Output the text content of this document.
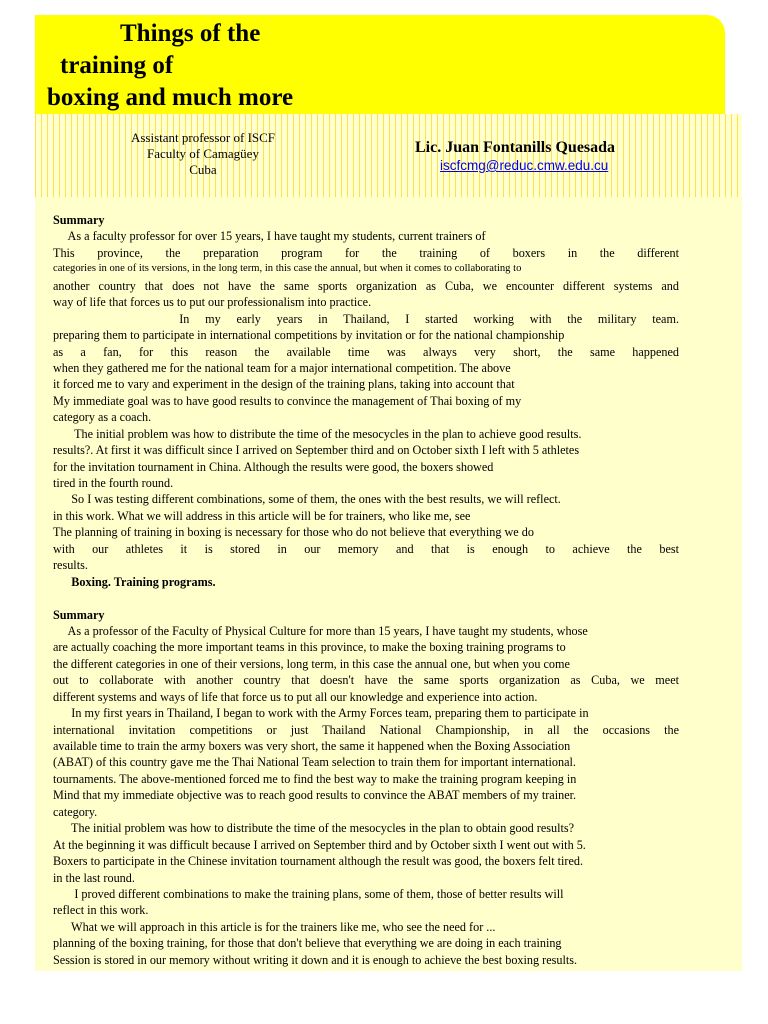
Things of the
training of
boxing and much more
Assistant professor of ISCF
Faculty of Camagüey
Cuba
Lic. Juan Fontanills Quesada
iscfcmg@reduc.cmw.edu.cu
Summary
As a faculty professor for over 15 years, I have taught my students, current trainers of
This province, the preparation program for the training of boxers in the different
categories in one of its versions, in the long term, in this case the annual, but when it comes to collaborating to
another country that does not have the same sports organization as Cuba, we encounter different systems and
way of life that forces us to put our professionalism into practice.
In my early years in Thailand, I started working with the military team.
preparing them to participate in international competitions by invitation or for the national championship
as a fan, for this reason the available time was always very short, the same happened
when they gathered me for the national team for a major international competition. The above
it forced me to vary and experiment in the design of the training plans, taking into account that
My immediate goal was to have good results to convince the management of Thai boxing of my
category as a coach.
The initial problem was how to distribute the time of the mesocycles in the plan to achieve good results.
results?. At first it was difficult since I arrived on September third and on October sixth I left with 5 athletes
for the invitation tournament in China. Although the results were good, the boxers showed
tired in the fourth round.
So I was testing different combinations, some of them, the ones with the best results, we will reflect.
in this work. What we will address in this article will be for trainers, who like me, see
The planning of training in boxing is necessary for those who do not believe that everything we do
with our athletes it is stored in our memory and that is enough to achieve the best
results.
Boxing. Training programs.
Summary
As a professor of the Faculty of Physical Culture for more than 15 years, I have taught my students, whose
are actually coaching the more important teams in this province, to make the boxing training programs to
the different categories in one of their versions, long term, in this case the annual one, but when you come
out to collaborate with another country that doesn't have the same sports organization as Cuba, we meet
different systems and ways of life that force us to put all our knowledge and experience into action.
In my first years in Thailand, I began to work with the Army Forces team, preparing them to participate in
international invitation competitions or just Thailand National Championship, in all the occasions the
available time to train the army boxers was very short, the same it happened when the Boxing Association
(ABAT) of this country gave me the Thai National Team selection to train them for important international.
tournaments. The above-mentioned forced me to find the best way to make the training program keeping in
Mind that my immediate objective was to reach good results to convince the ABAT members of my trainer.
category.
The initial problem was how to distribute the time of the mesocycles in the plan to obtain good results?
At the beginning it was difficult because I arrived on September third and by October sixth I went out with 5.
Boxers to participate in the Chinese invitation tournament although the result was good, the boxers felt tired.
in the last round.
I proved different combinations to make the training plans, some of them, those of better results will
reflect in this work.
What we will approach in this article is for the trainers like me, who see the need for ...
planning of the boxing training, for those that don't believe that everything we are doing in each training
Session is stored in our memory without writing it down and it is enough to achieve the best boxing results.
